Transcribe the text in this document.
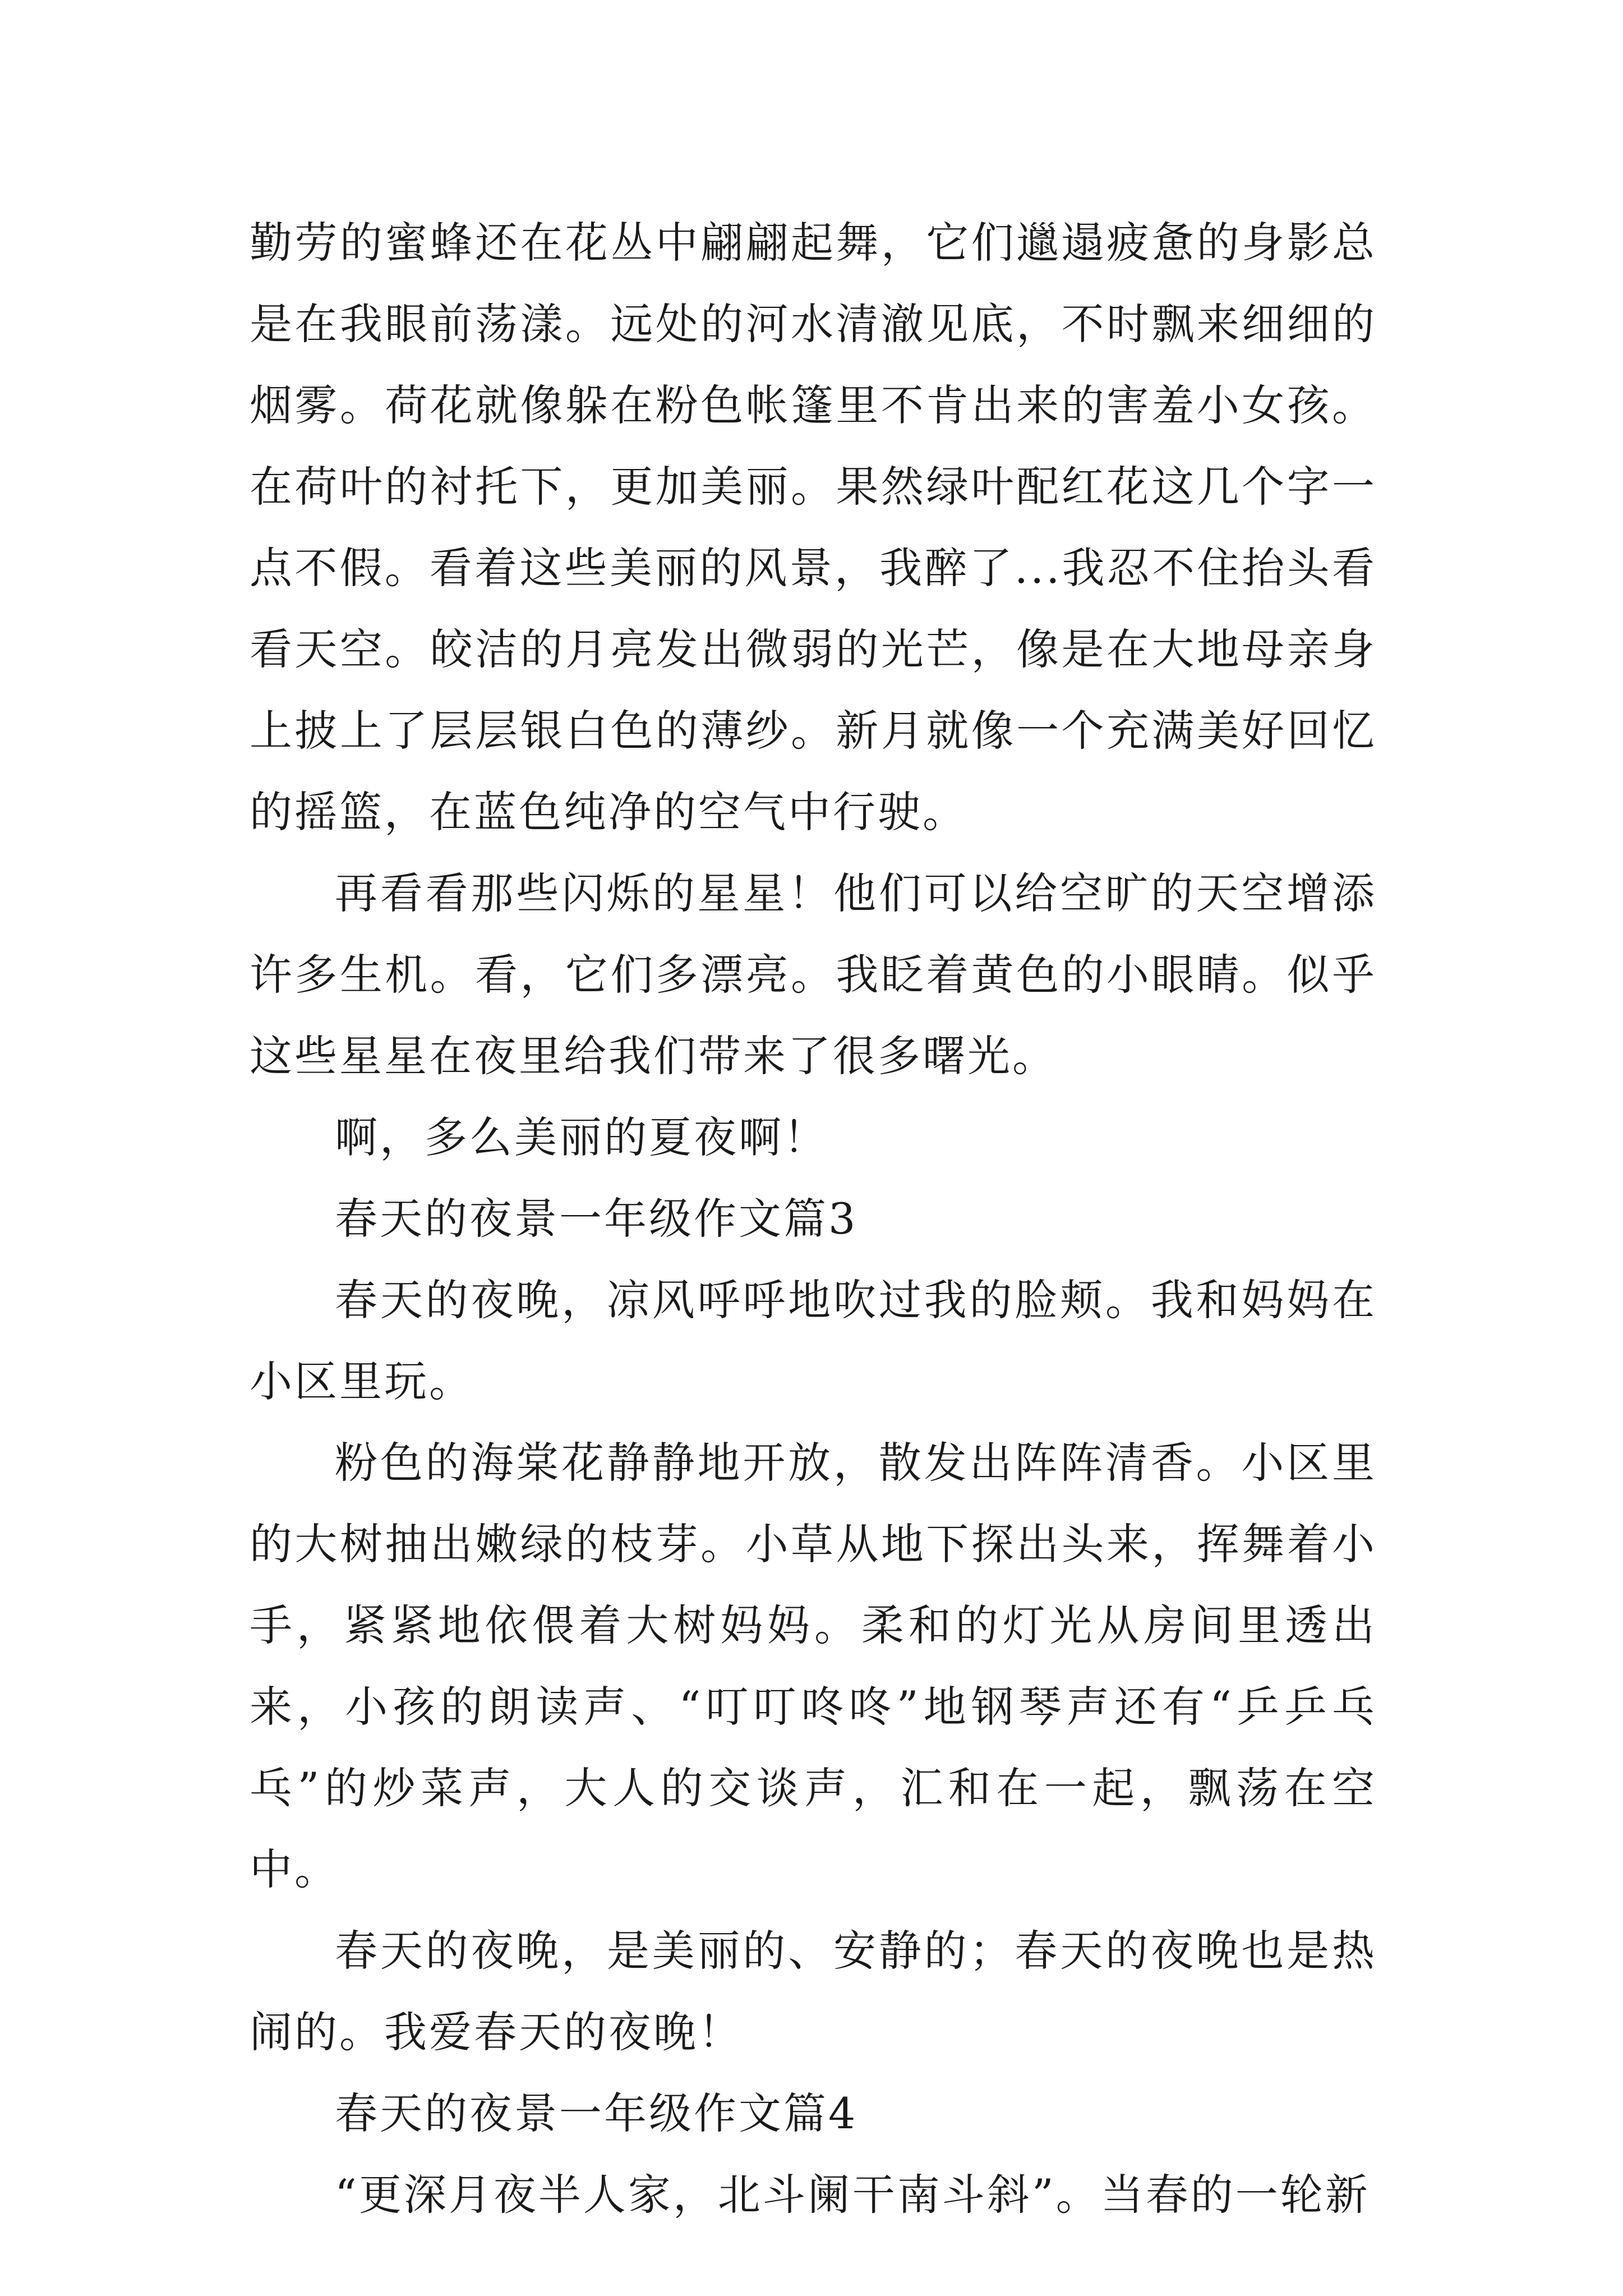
勤劳的蜜蜂还在花丛中翩翩起舞，它们邋遢疲惫的身影总是在我眼前荡漾。远处的河水清澈见底，不时飘来细细的烟雾。荷花就像躲在粉色帐篷里不肯出来的害羞小女孩。在荷叶的衬托下，更加美丽。果然绿叶配红花这几个字一点不假。看着这些美丽的风景，我醉了...我忍不住抬头看看天空。皎洁的月亮发出微弱的光芒，像是在大地母亲身上披上了层层银白色的薄纱。新月就像一个充满美好回忆的摇篮，在蓝色纯净的空气中行驶。

再看看那些闪烁的星星！他们可以给空旷的天空增添许多生机。看，它们多漂亮。我眨着黄色的小眼睛。似乎这些星星在夜里给我们带来了很多曙光。

啊，多么美丽的夏夜啊！

春天的夜景一年级作文篇3

春天的夜晚，凉风呼呼地吹过我的脸颊。我和妈妈在小区里玩。

粉色的海棠花静静地开放，散发出阵阵清香。小区里的大树抽出嫩绿的枝芽。小草从地下探出头来，挥舞着小手，紧紧地依偎着大树妈妈。柔和的灯光从房间里透出来，小孩的朗读声、“叮叮咚咚”地钢琴声还有“乒乒乓乓”的炒菜声，大人的交谈声，汇和在一起，飘荡在空中。

春天的夜晚，是美丽的、安静的；春天的夜晚也是热闹的。我爱春天的夜晚！

春天的夜景一年级作文篇4

“更深月夜半人家，北斗阑干南斗斜”。当春的一轮新
